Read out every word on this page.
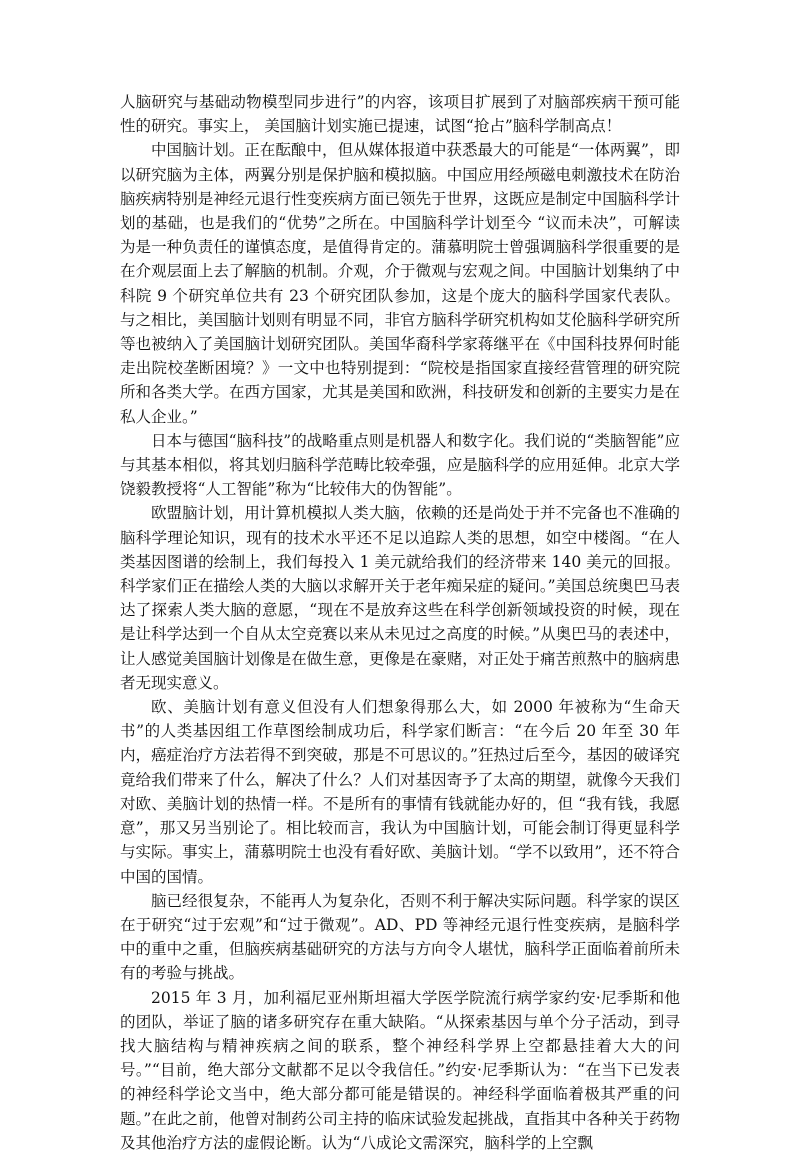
人脑研究与基础动物模型同步进行”的内容，该项目扩展到了对脑部疾病干预可能性的研究。事实上， 美国脑计划实施已提速，试图“抢占”脑科学制高点！

中国脑计划。正在酝酿中，但从媒体报道中获悉最大的可能是“一体两翼”，即以研究脑为主体，两翼分别是保护脑和模拟脑。中国应用经颅磁电刺激技术在防治脑疾病特别是神经元退行性变疾病方面已领先于世界，这既应是制定中国脑科学计划的基础，也是我们的“优势”之所在。中国脑科学计划至今 “议而未决”，可解读为是一种负责任的谨慎态度，是值得肯定的。蒲慕明院士曾强调脑科学很重要的是在介观层面上去了解脑的机制。介观，介于微观与宏观之间。中国脑计划集纳了中科院 9 个研究单位共有 23 个研究团队参加，这是个庞大的脑科学国家代表队。与之相比，美国脑计划则有明显不同，非官方脑科学研究机构如艾伦脑科学研究所等也被纳入了美国脑计划研究团队。美国华裔科学家蒋继平在《中国科技界何时能走出院校垄断困境？》一文中也特别提到：“院校是指国家直接经营管理的研究院所和各类大学。在西方国家，尤其是美国和欧洲，科技研发和创新的主要实力是在私人企业。”

日本与德国“脑科技”的战略重点则是机器人和数字化。我们说的“类脑智能”应与其基本相似，将其划归脑科学范畴比较牵强，应是脑科学的应用延伸。北京大学饶毅教授将“人工智能”称为“比较伟大的伪智能”。

欧盟脑计划，用计算机模拟人类大脑，依赖的还是尚处于并不完备也不准确的脑科学理论知识，现有的技术水平还不足以追踪人类的思想，如空中楼阁。“在人类基因图谱的绘制上，我们每投入 1 美元就给我们的经济带来 140 美元的回报。科学家们正在描绘人类的大脑以求解开关于老年痴呆症的疑问。”美国总统奥巴马表达了探索人类大脑的意愿，“现在不是放弃这些在科学创新领域投资的时候，现在是让科学达到一个自从太空竞赛以来从未见过之高度的时候。”从奥巴马的表述中，让人感觉美国脑计划像是在做生意，更像是在豪赌，对正处于痛苦煎熬中的脑病患者无现实意义。

欧、美脑计划有意义但没有人们想象得那么大，如 2000 年被称为“生命天书”的人类基因组工作草图绘制成功后，科学家们断言：“在今后 20 年至 30 年内，癌症治疗方法若得不到突破，那是不可思议的。”狂热过后至今，基因的破译究竟给我们带来了什么，解决了什么？人们对基因寄予了太高的期望，就像今天我们对欧、美脑计划的热情一样。不是所有的事情有钱就能办好的，但 “我有钱，我愿意”，那又另当别论了。相比较而言，我认为中国脑计划，可能会制订得更显科学与实际。事实上，蒲慕明院士也没有看好欧、美脑计划。“学不以致用”，还不符合中国的国情。

脑已经很复杂，不能再人为复杂化，否则不利于解决实际问题。科学家的误区在于研究“过于宏观”和“过于微观”。AD、PD 等神经元退行性变疾病，是脑科学中的重中之重，但脑疾病基础研究的方法与方向令人堪忧，脑科学正面临着前所未有的考验与挑战。

2015 年 3 月，加利福尼亚州斯坦福大学医学院流行病学家约安·尼季斯和他的团队，举证了脑的诸多研究存在重大缺陷。“从探索基因与单个分子活动，到寻找大脑结构与精神疾病之间的联系，整个神经科学界上空都悬挂着大大的问号。”“目前，绝大部分文献都不足以令我信任。”约安·尼季斯认为：“在当下已发表的神经科学论文当中，绝大部分都可能是错误的。神经科学面临着极其严重的问题。”在此之前，他曾对制药公司主持的临床试验发起挑战，直指其中各种关于药物及其他治疗方法的虚假论断。认为“八成论文需深究，脑科学的上空飘
